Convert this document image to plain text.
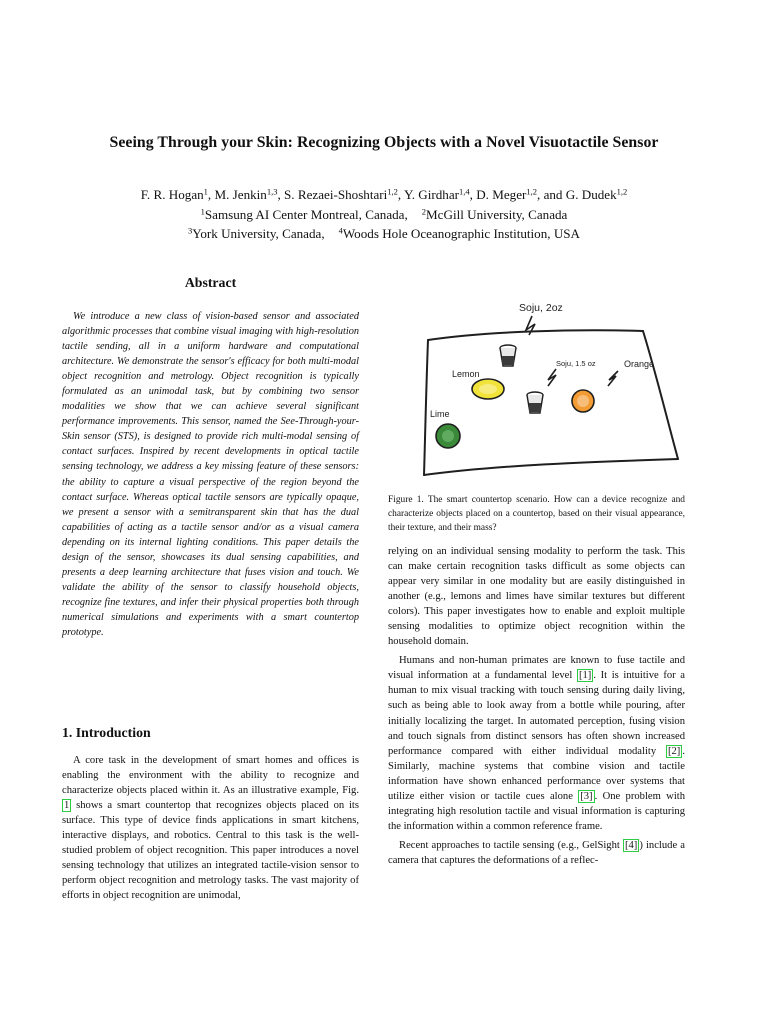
Seeing Through your Skin: Recognizing Objects with a Novel Visuotactile Sensor
F. R. Hogan$^1$, M. Jenkin$^{1,3}$, S. Rezaei-Shoshtari$^{1,2}$, Y. Girdhar$^{1,4}$, D. Meger$^{1,2}$, and G. Dudek$^{1,2}$
$^1$Samsung AI Center Montreal, Canada, $^2$McGill University, Canada
$^3$York University, Canada, $^4$Woods Hole Oceanographic Institution, USA
Abstract

We introduce a new class of vision-based sensor and associated algorithmic processes that combine visual imaging with high-resolution tactile sending, all in a uniform hardware and computational architecture. We demonstrate the sensor's efficacy for both multi-modal object recognition and metrology. Object recognition is typically formulated as an unimodal task, but by combining two sensor modalities we show that we can achieve several significant performance improvements. This sensor, named the See-Through-your-Skin sensor (STS), is designed to provide rich multi-modal sensing of contact surfaces. Inspired by recent developments in optical tactile sensing technology, we address a key missing feature of these sensors: the ability to capture a visual perspective of the region beyond the contact surface. Whereas optical tactile sensors are typically opaque, we present a sensor with a semitransparent skin that has the dual capabilities of acting as a tactile sensor and/or as a visual camera depending on its internal lighting conditions. This paper details the design of the sensor, showcases its dual sensing capabilities, and presents a deep learning architecture that fuses vision and touch. We validate the ability of the sensor to classify household objects, recognize fine textures, and infer their physical properties both through numerical simulations and experiments with a smart countertop prototype.

1. Introduction

A core task in the development of smart homes and offices is enabling the environment with the ability to recognize and characterize objects placed within it. As an illustrative example, Fig. 1 shows a smart countertop that recognizes objects placed on its surface. This type of device finds applications in smart kitchens, interactive displays, and robotics. Central to this task is the well-studied problem of object recognition. This paper introduces a novel sensing technology that utilizes an integrated tactile-vision sensor to perform object recognition and metrology tasks. The vast majority of efforts in object recognition are unimodal,

Soju, 2oz
Soju, 1.5 oz	Orange
Lemon
Lime

Figure 1. The smart countertop scenario. How can a device recognize and characterize objects placed on a countertop, based on their visual appearance, their texture, and their mass?

relying on an individual sensing modality to perform the task. This can make certain recognition tasks difficult as some objects can appear very similar in one modality but are easily distinguished in another (e.g., lemons and limes have similar textures but different colors). This paper investigates how to enable and exploit multiple sensing modalities to optimize object recognition within the household domain.

Humans and non-human primates are known to fuse tactile and visual information at a fundamental level [1] . It is intuitive for a human to mix visual tracking with touch sensing during daily living, such as being able to look away from a bottle while pouring, after initially localizing the target. In automated perception, fusing vision and touch signals from distinct sensors has often shown increased performance compared with either individual modality [2] . Similarly, machine systems that combine vision and tactile information have shown enhanced performance over systems that utilize either vision or tactile cues alone [3] . One problem with integrating high resolution tactile and visual information is capturing the information within a common reference frame.

Recent approaches to tactile sensing (e.g., GelSight [4] ) include a camera that captures the deformations of a reflec-
